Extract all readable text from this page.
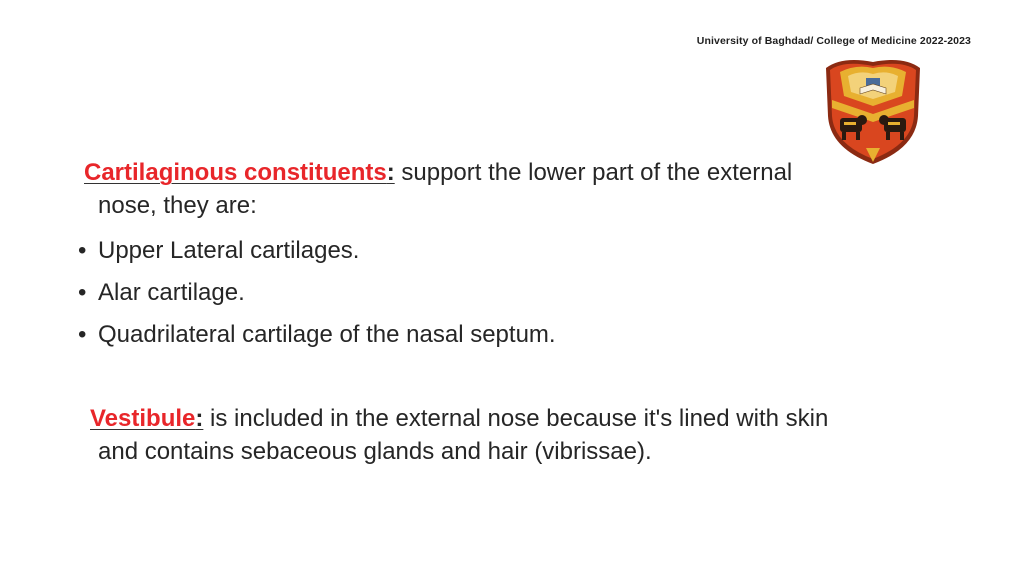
University of Baghdad/ College of Medicine 2022-2023
Cartilaginous constituents: support the lower part of the external
nose, they are:
• Upper Lateral cartilages.
• Alar cartilage.
• Quadrilateral cartilage of the nasal septum.
Vestibule: is included in the external nose because it's lined with skin
and contains sebaceous glands and hair (vibrissae).
